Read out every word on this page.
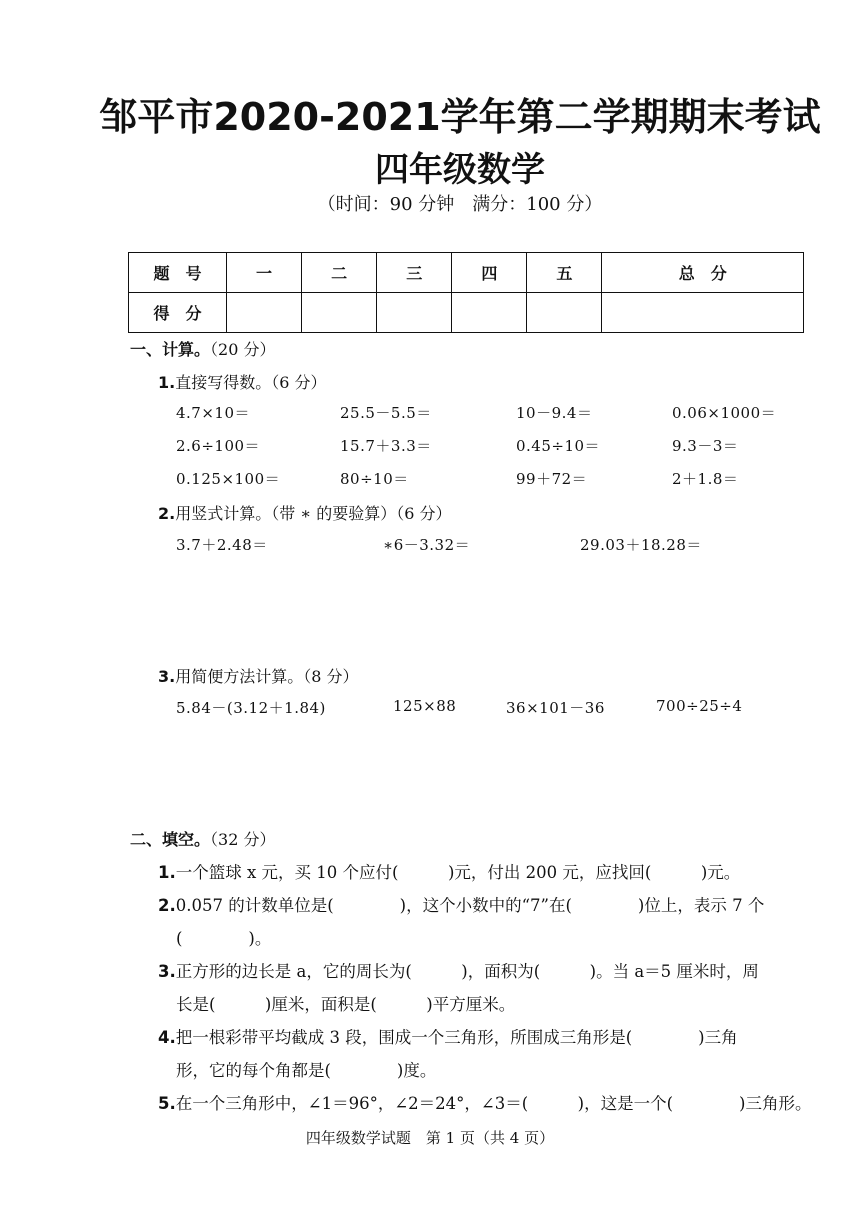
邹平市2020-2021学年第二学期期末考试
四年级数学
（时间：90 分钟　满分：100 分）
题　号	一	二	三	四	五	总　分
得　分						
一、计算。（20 分）
1.直接写得数。（6 分）
4.7×10＝	25.5－5.5＝	10－9.4＝	0.06×1000＝
2.6÷100＝	15.7＋3.3＝	0.45÷10＝	9.3－3＝
0.125×100＝	80÷10＝	99＋72＝	2＋1.8＝
2.用竖式计算。（带 ∗ 的要验算）（6 分）
3.7＋2.48＝	∗6－3.32＝	29.03＋18.28＝
3.用简便方法计算。（8 分）
5.84－(3.12＋1.84)	125×88	36×101－36	700÷25÷4
二、填空。（32 分）
1.一个篮球 x 元，买 10 个应付(　　　)元，付出 200 元，应找回(　　　)元。
2.0.057 的计数单位是(　　　　)，这个小数中的“7”在(　　　　)位上，表示 7 个
(　　　　)。
3.正方形的边长是 a，它的周长为(　　　)，面积为(　　　)。当 a＝5 厘米时，周
长是(　　　)厘米，面积是(　　　)平方厘米。
4.把一根彩带平均截成 3 段，围成一个三角形，所围成三角形是(　　　　)三角
形，它的每个角都是(　　　　)度。
5.在一个三角形中，∠1＝96°，∠2＝24°，∠3＝(　　　)，这是一个(　　　　)三角形。
四年级数学试题　第 1 页（共 4 页）
